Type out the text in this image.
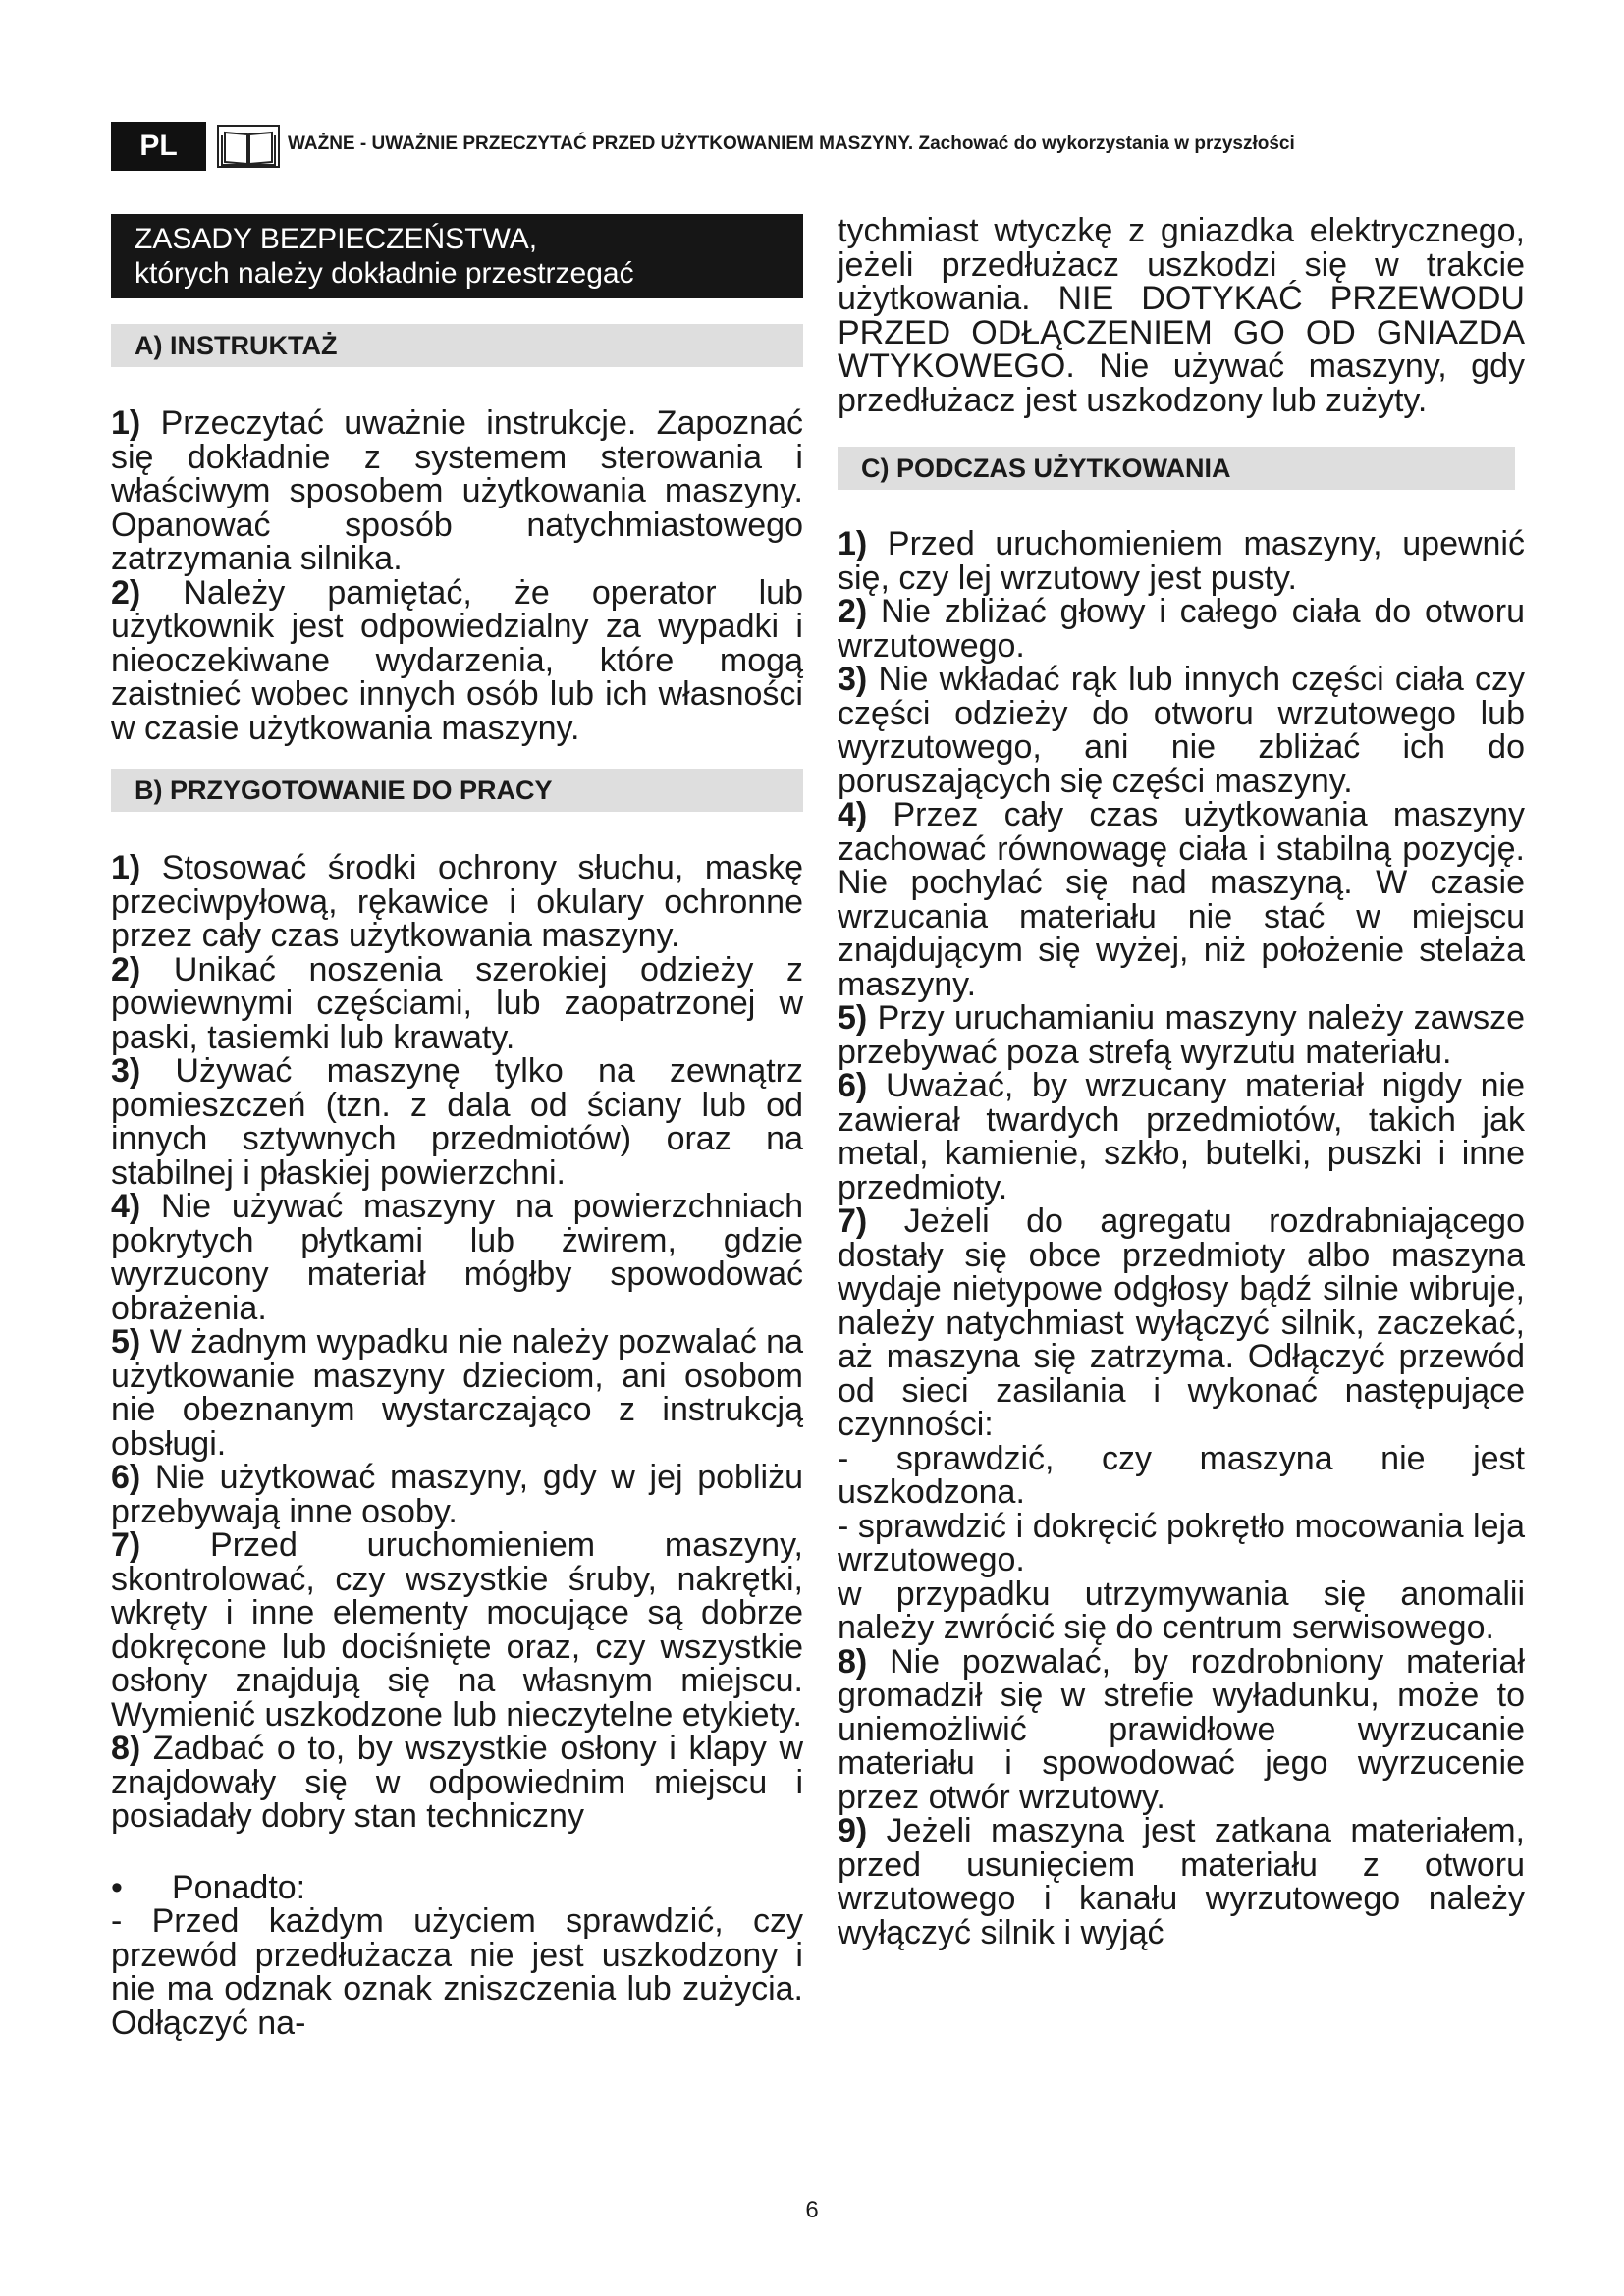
PL	WAŻNE - UWAŻNIE PRZECZYTAĆ PRZED UŻYTKOWANIEM MASZYNY. Zachować do wykorzystania w przyszłości
ZASADY BEZPIECZEŃSTWA,
których należy dokładnie przestrzegać
A) INSTRUKTAŻ

1) Przeczytać uważnie instrukcje. Zapoznać się dokładnie z systemem sterowania i właściwym sposobem użytkowania maszyny. Opanować sposób natychmiastowego zatrzymania silnika.

2) Należy pamiętać, że operator lub użytkownik jest odpowiedzialny za wypadki i nieoczekiwane wydarzenia, które mogą zaistnieć wobec innych osób lub ich własności w czasie użytkowania maszyny.

B) PRZYGOTOWANIE DO PRACY

1) Stosować środki ochrony słuchu, maskę przeciwpyłową, rękawice i okulary ochronne przez cały czas użytkowania maszyny.

2) Unikać noszenia szerokiej odzieży z powiewnymi częściami, lub zaopatrzonej w paski, tasiemki lub krawaty.

3) Używać maszynę tylko na zewnątrz pomieszczeń (tzn. z dala od ściany lub od innych sztywnych przedmiotów) oraz na stabilnej i płaskiej powierzchni.

4) Nie używać maszyny na powierzchniach pokrytych płytkami lub żwirem, gdzie wyrzucony materiał mógłby spowodować obrażenia.

5) W żadnym wypadku nie należy pozwalać na użytkowanie maszyny dzieciom, ani osobom nie obeznanym wystarczająco z instrukcją obsługi.

6) Nie użytkować maszyny, gdy w jej pobliżu przebywają inne osoby.

7) Przed uruchomieniem maszyny, skontrolować, czy wszystkie śruby, nakrętki, wkręty i inne elementy mocujące są dobrze dokręcone lub dociśnięte oraz, czy wszystkie osłony znajdują się na własnym miejscu. Wymienić uszkodzone lub nieczytelne etykiety.

8) Zadbać o to, by wszystkie osłony i klapy w znajdowały się w odpowiednim miejscu i posiadały dobry stan techniczny

•	Ponadto:

- Przed każdym użyciem sprawdzić, czy przewód przedłużacza nie jest uszkodzony i nie ma odznak oznak zniszczenia lub zużycia. Odłączyć na-

tychmiast wtyczkę z gniazdka elektrycznego, jeżeli przedłużacz uszkodzi się w trakcie użytkowania. NIE DOTYKAĆ PRZEWODU PRZED ODŁĄCZENIEM GO OD GNIAZDA WTYKOWEGO. Nie używać maszyny, gdy przedłużacz jest uszkodzony lub zużyty.

C) PODCZAS UŻYTKOWANIA

1) Przed uruchomieniem maszyny, upewnić się, czy lej wrzutowy jest pusty.

2) Nie zbliżać głowy i całego ciała do otworu wrzutowego.

3) Nie wkładać rąk lub innych części ciała czy części odzieży do otworu wrzutowego lub wyrzutowego, ani nie zbliżać ich do poruszających się części maszyny.

4) Przez cały czas użytkowania maszyny zachować równowagę ciała i stabilną pozycję. Nie pochylać się nad maszyną. W czasie wrzucania materiału nie stać w miejscu znajdującym się wyżej, niż położenie stelaża maszyny.

5) Przy uruchamianiu maszyny należy zawsze przebywać poza strefą wyrzutu materiału.

6) Uważać, by wrzucany materiał nigdy nie zawierał twardych przedmiotów, takich jak metal, kamienie, szkło, butelki, puszki i inne przedmioty.

7) Jeżeli do agregatu rozdrabniającego dostały się obce przedmioty albo maszyna wydaje nietypowe odgłosy bądź silnie wibruje, należy natychmiast wyłączyć silnik, zaczekać, aż maszyna się zatrzyma. Odłączyć przewód od sieci zasilania i wykonać następujące czynności:

- sprawdzić, czy maszyna nie jest uszkodzona.

- sprawdzić i dokręcić pokrętło mocowania leja wrzutowego.

w przypadku utrzymywania się anomalii należy zwrócić się do centrum serwisowego.

8) Nie pozwalać, by rozdrobniony materiał gromadził się w strefie wyładunku, może to uniemożliwić prawidłowe wyrzucanie materiału i spowodować jego wyrzucenie przez otwór wrzutowy.

9) Jeżeli maszyna jest zatkana materiałem, przed usunięciem materiału z otworu wrzutowego i kanału wyrzutowego należy wyłączyć silnik i wyjąć

6
